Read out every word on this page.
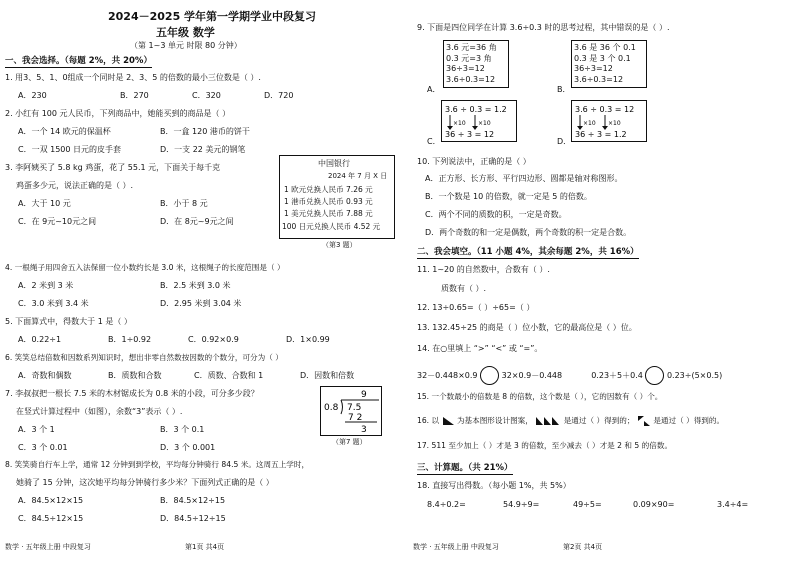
2024－2025 学年第一学期学业中段复习
五年级 数学
（第 1~3 单元 时限 80 分钟）
一、我会选择。（每题 2%，共 20%）
1. 用3、5、1、0组成一个同时是 2、3、5 的倍数的最小三位数是（ ）.
A．230	B．270	C．320	D．720
2. 小红有 100 元人民币，下列商品中，她能买到的商品是（ ）
A．一个 14 欧元的保温杯	B．一盒 120 港币的饼干
C．一双 1500 日元的皮手套	D．一支 22 美元的钢笔
中国银行
2024 年 7 月 X 日
1 欧元兑换人民币 7.26 元
1 港币兑换人民币 0.93 元
1 美元兑换人民币 7.88 元
100 日元兑换人民币 4.52 元
（第3 题）
3. 李阿姨买了 5.8 kg 鸡蛋，花了 55.1 元，下面关于每千克
鸡蛋多少元，说法正确的是（ ）.
A．大于 10 元	B．小于 8 元
C．在 9元~10元之间	D．在 8元~9元之间
4. 一根绳子用四舍五入法保留一位小数约长是 3.0 米，这根绳子的长度范围是（ ）
A．2 米到 3 米	B．2.5 米到 3.0 米
C．3.0 米到 3.4 米	D．2.95 米到 3.04 米
5. 下面算式中，得数大于 1 是（ ）
A．0.22÷1	B．1÷0.92	C．0.92×0.9	D．1×0.99
6. 笑笑总结倍数和因数系列知识时，想出非零自然数按因数的个数分，可分为（ ）
A．奇数和偶数	B．质数和合数	C．质数、合数和 1	D．因数和倍数
7. 李叔叔把一根长 7.5 米的木材锯成长为 0.8 米的小段，可分多少段？
在竖式计算过程中（如图），余数“3”表示（ ）.
A．3 个 1	B．3 个 0.1
C．3 个 0.01	D．3 个 0.001
9
0.8 7.5
7 2
3
（第7 题）
8. 笑笑骑自行车上学，通常 12 分钟到到学校，平均每分钟骑行 84.5 米。这周五上学时，
她骑了 15 分钟，这次她平均每分钟骑行多少米？下面列式正确的是（ ）
A．84.5×12×15	B．84.5×12÷15
C．84.5÷12×15	D．84.5÷12÷15
数学 · 五年级上册 中段复习	第1页 共4页
9. 下面是四位同学在计算 3.6÷0.3 时的思考过程，其中错误的是（ ）.
3.6 元=36 角
0.3 元=3 角
36÷3=12
3.6÷0.3=12
A．
3.6 是 36 个 0.1
0.3 是 3 个 0.1
36÷3=12
3.6÷0.3=12
B．
3.6 ÷ 0.3 = 1.2
36 ÷ 3 = 12
×10 ×10
C．
3.6 ÷ 0.3 = 12
36 ÷ 3 = 1.2
×10 ×10
D．
10. 下列说法中，正确的是（ ）
A．正方形、长方形、平行四边形、圆都是轴对称图形。
B．一个数是 10 的倍数，就一定是 5 的倍数。
C．两个不同的质数的积，一定是奇数。
D．两个奇数的和一定是偶数，两个奇数的积一定是合数。
二、我会填空。（11 小题 4%，其余每题 2%，共 16%）
11. 1~20 的自然数中，合数有（ ）.
质数有（ ）.
12. 13÷0.65=（ ）÷65=（ ）
13. 132.45÷25 的商是（ ）位小数，它的最高位是（ ）位。
14. 在○里填上 “>” “<” 或 “=”。
32－0.448×0.9	32×0.9－0.448	0.23＋5＋0.4	0.23÷(5×0.5)
15. 一个数最小的倍数是 8 的倍数，这个数是（ ），它的因数有（ ）个。
16. 以 为基本图形设计图案，	是通过（ ）得到的； 是通过（ ）得到的。
17. 511 至少加上（ ）才是 3 的倍数，至少减去（ ）才是 2 和 5 的倍数。
三、计算题。（共 21%）
18. 直接写出得数。（每小题 1%，共 5%）
8.4÷0.2=	54.9÷9=	49÷5=	0.09×90=	3.4÷4=
数学 · 五年级上册 中段复习	第2页 共4页
